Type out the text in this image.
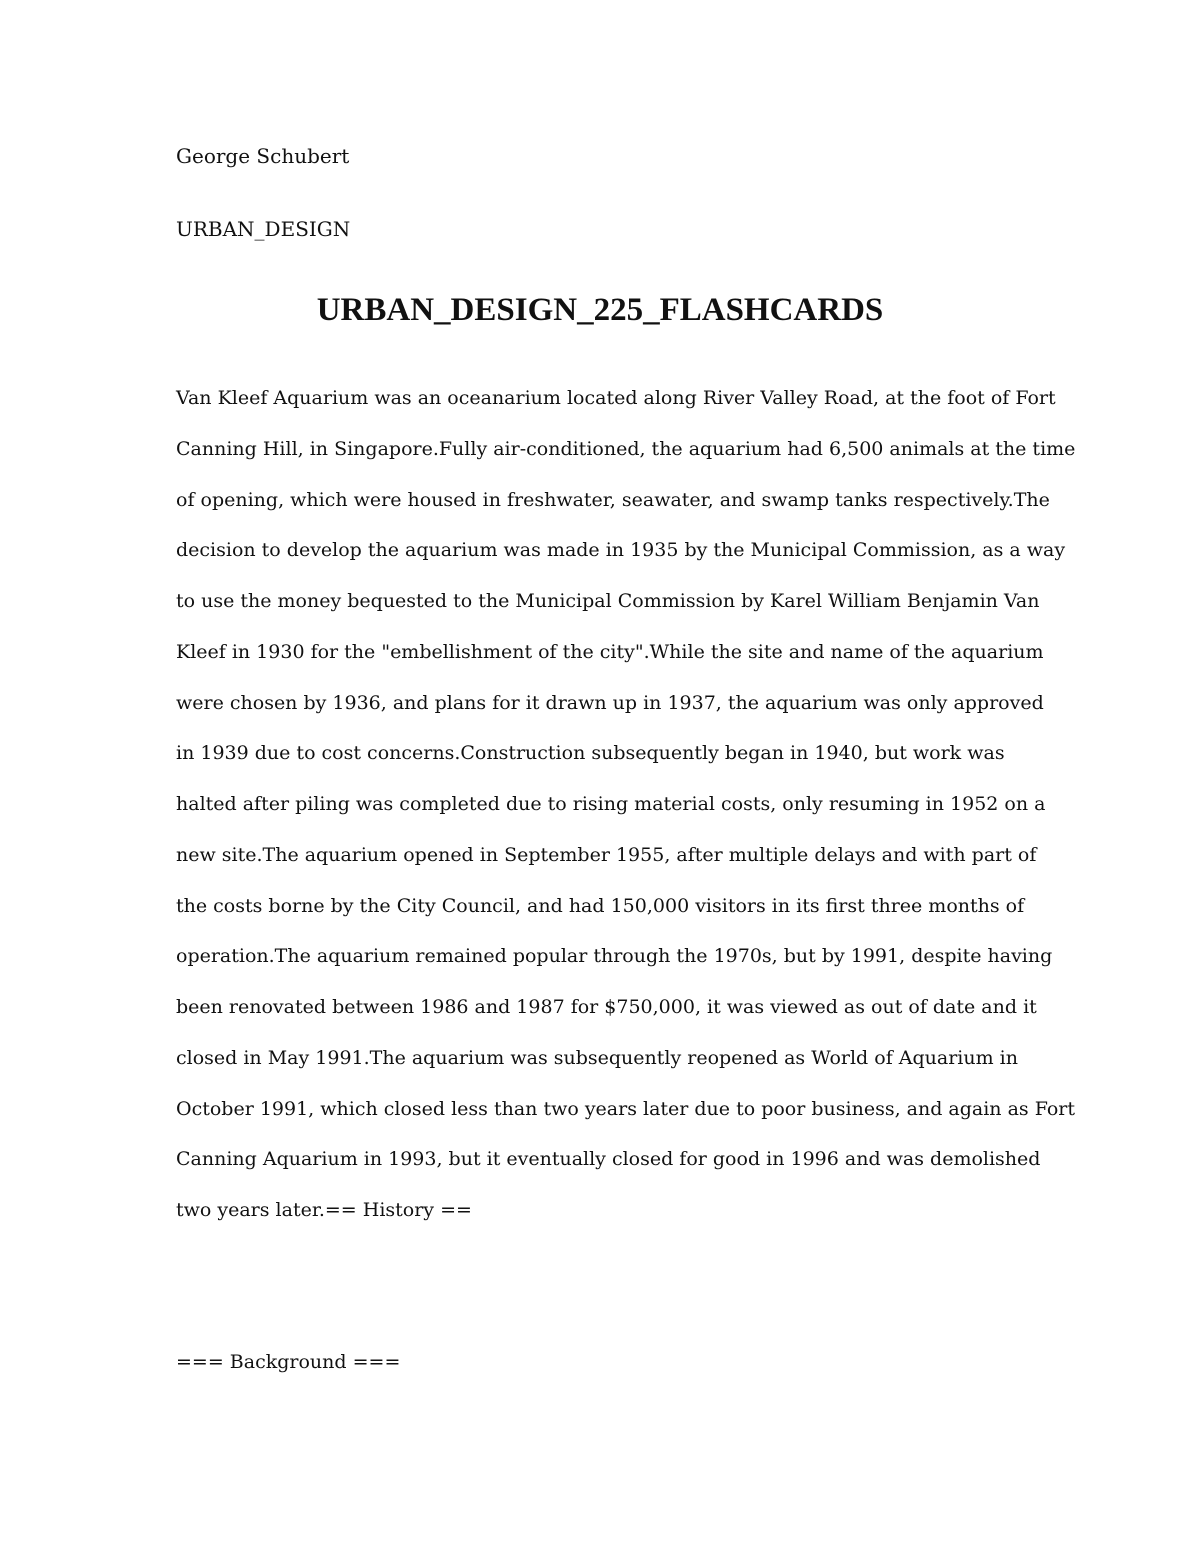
George Schubert
URBAN_DESIGN
URBAN_DESIGN_225_FLASHCARDS
Van Kleef Aquarium was an oceanarium located along River Valley Road, at the foot of Fort
Canning Hill, in Singapore.Fully air-conditioned, the aquarium had 6,500 animals at the time
of opening, which were housed in freshwater, seawater, and swamp tanks respectively.The
decision to develop the aquarium was made in 1935 by the Municipal Commission, as a way
to use the money bequested to the Municipal Commission by Karel William Benjamin Van
Kleef in 1930 for the "embellishment of the city".While the site and name of the aquarium
were chosen by 1936, and plans for it drawn up in 1937, the aquarium was only approved
in 1939 due to cost concerns.Construction subsequently began in 1940, but work was
halted after piling was completed due to rising material costs, only resuming in 1952 on a
new site.The aquarium opened in September 1955, after multiple delays and with part of
the costs borne by the City Council, and had 150,000 visitors in its first three months of
operation.The aquarium remained popular through the 1970s, but by 1991, despite having
been renovated between 1986 and 1987 for $750,000, it was viewed as out of date and it
closed in May 1991.The aquarium was subsequently reopened as World of Aquarium in
October 1991, which closed less than two years later due to poor business, and again as Fort
Canning Aquarium in 1993, but it eventually closed for good in 1996 and was demolished
two years later.== History ==
=== Background ===
